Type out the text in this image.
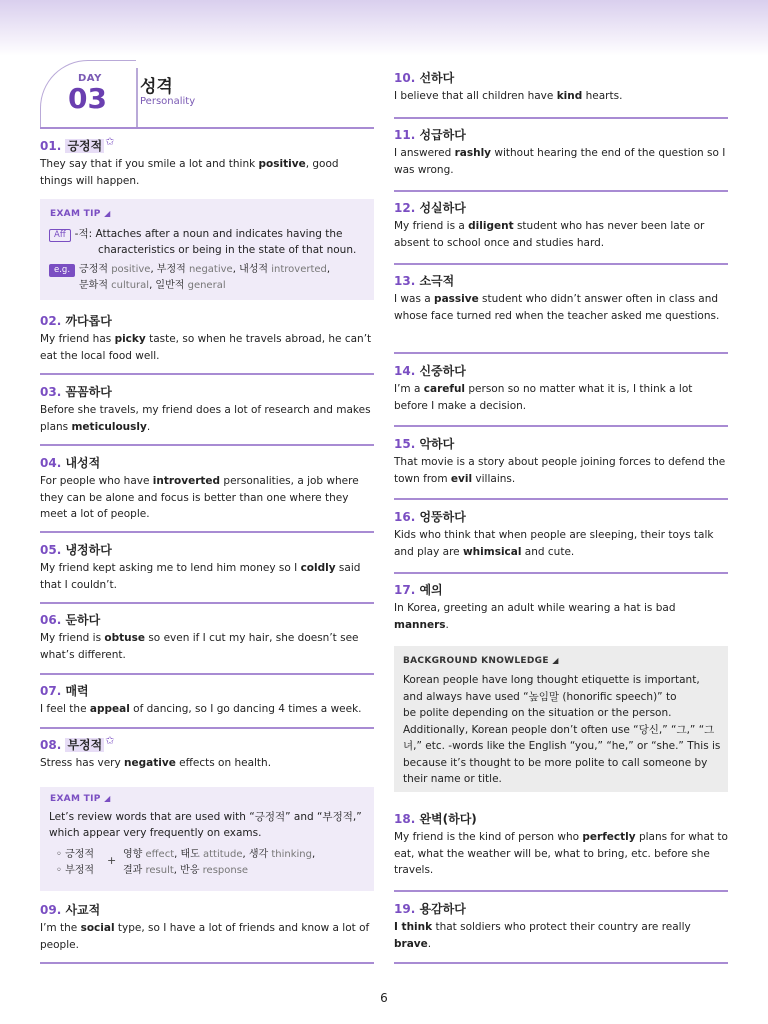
DAY
03 성격
Personality
01. 긍정적 ✩
They say that if you smile a lot and think positive, good things will happen.
EXAM TIP ◢
Aff -적: Attaches after a noun and indicates having the
characteristics or being in the state of that noun.
e.g. 긍정적 positive, 부정적 negative, 내성적 introverted,
문화적 cultural, 일반적 general
02. 까다롭다
My friend has picky taste, so when he travels abroad, he can’t eat the local food well.
03. 꼼꼼하다
Before she travels, my friend does a lot of research and makes plans meticulously.
04. 내성적
For people who have introverted personalities, a job where they can be alone and focus is better than one where they meet a lot of people.
05. 냉정하다
My friend kept asking me to lend him money so I coldly said that I couldn’t.
06. 둔하다
My friend is obtuse so even if I cut my hair, she doesn’t see what’s different.
07. 매력
I feel the appeal of dancing, so I go dancing 4 times a week.
08. 부정적 ✩
Stress has very negative effects on health.
EXAM TIP ◢
Let’s review words that are used with “긍정적” and “부정적,”
which appear very frequently on exams.
◦ 긍정적
◦ 부정적
+ 영향 effect, 태도 attitude, 생각 thinking,
결과 result, 반응 response
09. 사교적
I’m the social type, so I have a lot of friends and know a lot of people.
10. 선하다
I believe that all children have kind hearts.
11. 성급하다
I answered rashly without hearing the end of the question so I was wrong.
12. 성실하다
My friend is a diligent student who has never been late or absent to school once and studies hard.
13. 소극적
I was a passive student who didn’t answer often in class and whose face turned red when the teacher asked me questions.
14. 신중하다
I’m a careful person so no matter what it is, I think a lot before I make a decision.
15. 악하다
That movie is a story about people joining forces to defend the town from evil villains.
16. 엉뚱하다
Kids who think that when people are sleeping, their toys talk and play are whimsical and cute.
17. 예의
In Korea, greeting an adult while wearing a hat is bad manners.
BACKGROUND KNOWLEDGE ◢
Korean people have long thought etiquette is important,
and always have used “높임말 (honorific speech)” to
be polite depending on the situation or the person.
Additionally, Korean people don’t often use “당신,” “그,” “그
녀,” etc. -words like the English “you,” “he,” or “she.” This is
because it’s thought to be more polite to call someone by
their name or title.
18. 완벽(하다)
My friend is the kind of person who perfectly plans for what to eat, what the weather will be, what to bring, etc. before she travels.
19. 용감하다
I think that soldiers who protect their country are really brave.
6
